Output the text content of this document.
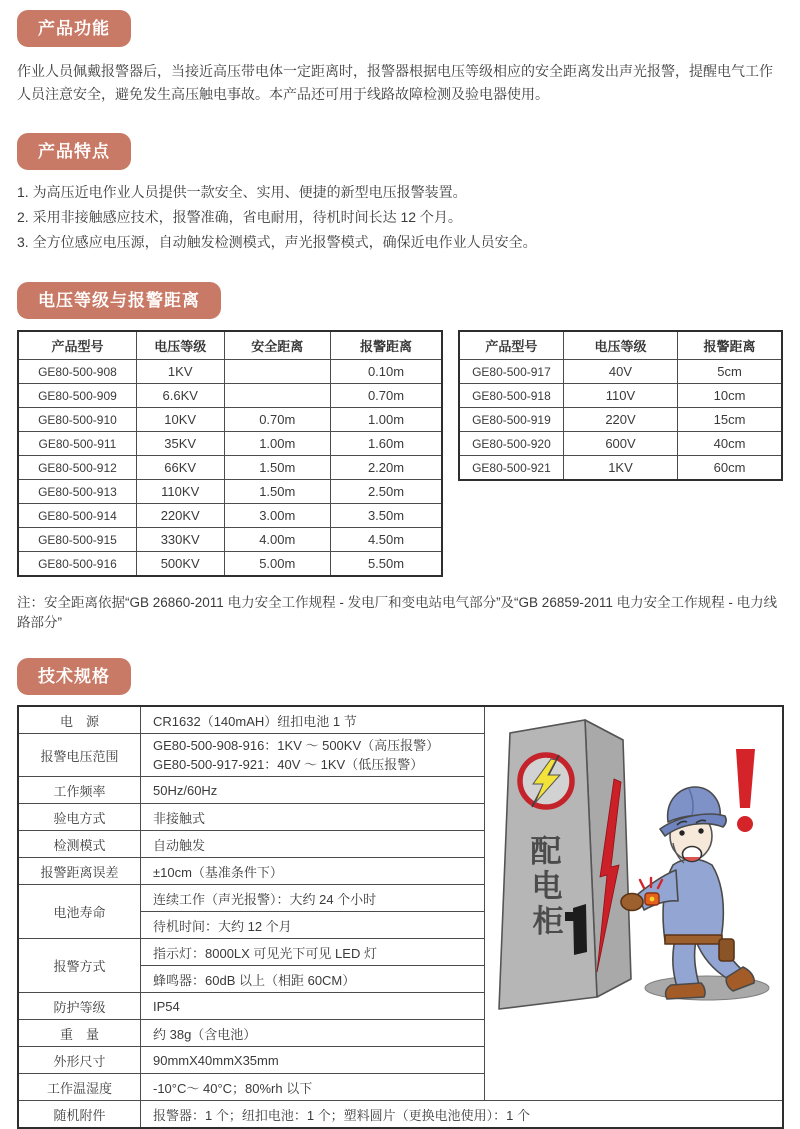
产品功能

作业人员佩戴报警器后，当接近高压带电体一定距离时，报警器根据电压等级相应的安全距离发出声光报警，提醒电气工作人员注意安全，避免发生高压触电事故。本产品还可用于线路故障检测及验电器使用。

产品特点
1. 为高压近电作业人员提供一款安全、实用、便捷的新型电压报警装置。
2. 采用非接触感应技术，报警准确，省电耐用，待机时间长达 12 个月。
3. 全方位感应电压源，自动触发检测模式，声光报警模式，确保近电作业人员安全。
电压等级与报警距离
产品型号	电压等级	安全距离	报警距离
GE80-500-908	1KV		0.10m
GE80-500-909	6.6KV		0.70m
GE80-500-910	10KV	0.70m	1.00m
GE80-500-911	35KV	1.00m	1.60m
GE80-500-912	66KV	1.50m	2.20m
GE80-500-913	110KV	1.50m	2.50m
GE80-500-914	220KV	3.00m	3.50m
GE80-500-915	330KV	4.00m	4.50m
GE80-500-916	500KV	5.00m	5.50m
产品型号	电压等级	报警距离
GE80-500-917	40V	5cm
GE80-500-918	110V	10cm
GE80-500-919	220V	15cm
GE80-500-920	600V	40cm
GE80-500-921	1KV	60cm
注：安全距离依据“GB 26860-2011 电力安全工作规程 - 发电厂和变电站电气部分”及“GB 26859-2011 电力安全工作规程 - 电力线路部分”
技术规格
电　源	CR1632（140mAH）纽扣电池 1 节	配
电
柜

报警电压范围	GE80-500-908-916：1KV ～ 500KV（高压报警）
GE80-500-917-921：40V ～ 1KV（低压报警）	

工作频率	50Hz/60Hz	
验电方式	非接触式	
检测模式	自动触发	
报警距离误差	±10cm（基准条件下）	
电池寿命	连续工作（声光报警）：大约 24 个小时	
	待机时间：大约 12 个月	
报警方式	指示灯：8000LX 可见光下可见 LED 灯	
	蜂鸣器：60dB 以上（相距 60CM）	
防护等级	IP54	
重　量	约 38g（含电池）	
外形尺寸	90mmX40mmX35mm	
工作温湿度	-10°C～ 40°C；80%rh 以下	
随机附件	报警器：1 个；纽扣电池：1 个；塑料圆片（更换电池使用）：1 个	
